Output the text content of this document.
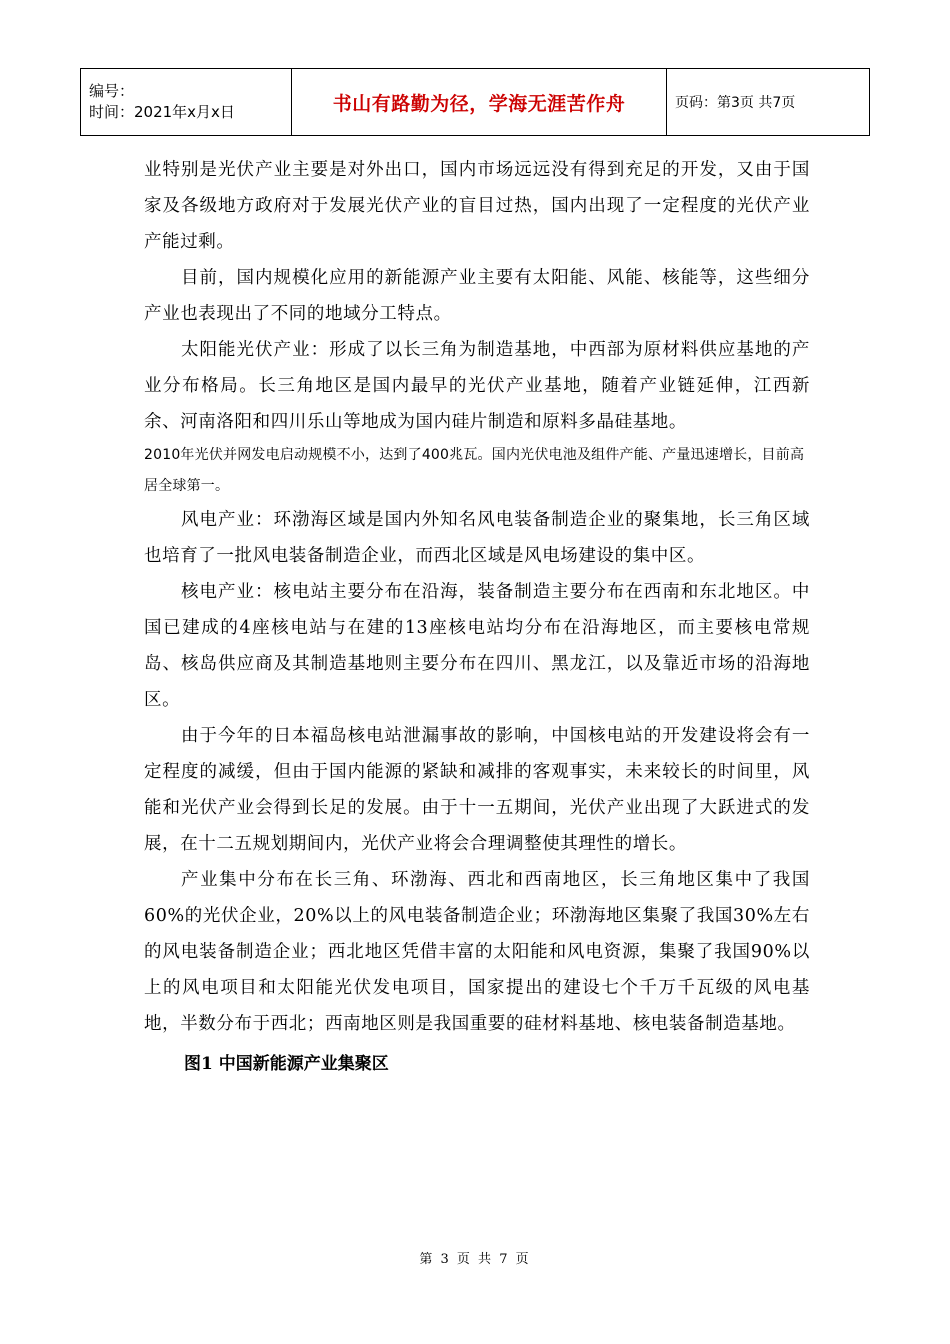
编号：
时间：2021年x月x日	书山有路勤为径，学海无涯苦作舟	页码：第3页 共7页

业特别是光伏产业主要是对外出口，国内市场远远没有得到充足的开发，又由于国家及各级地方政府对于发展光伏产业的盲目过热，国内出现了一定程度的光伏产业产能过剩。

目前，国内规模化应用的新能源产业主要有太阳能、风能、核能等，这些细分产业也表现出了不同的地域分工特点。

太阳能光伏产业：形成了以长三角为制造基地，中西部为原材料供应基地的产业分布格局。长三角地区是国内最早的光伏产业基地，随着产业链延伸，江西新余、河南洛阳和四川乐山等地成为国内硅片制造和原料多晶硅基地。

2010年光伏并网发电启动规模不小，达到了400兆瓦。国内光伏电池及组件产能、产量迅速增长，目前高居全球第一。

风电产业：环渤海区域是国内外知名风电装备制造企业的聚集地，长三角区域也培育了一批风电装备制造企业，而西北区域是风电场建设的集中区。

核电产业：核电站主要分布在沿海，装备制造主要分布在西南和东北地区。中国已建成的4座核电站与在建的13座核电站均分布在沿海地区，而主要核电常规岛、核岛供应商及其制造基地则主要分布在四川、黑龙江，以及靠近市场的沿海地区。

由于今年的日本福岛核电站泄漏事故的影响，中国核电站的开发建设将会有一定程度的减缓，但由于国内能源的紧缺和减排的客观事实，未来较长的时间里，风能和光伏产业会得到长足的发展。由于十一五期间，光伏产业出现了大跃进式的发展，在十二五规划期间内，光伏产业将会合理调整使其理性的增长。

产业集中分布在长三角、环渤海、西北和西南地区，长三角地区集中了我国60%的光伏企业，20%以上的风电装备制造企业；环渤海地区集聚了我国30%左右的风电装备制造企业；西北地区凭借丰富的太阳能和风电资源，集聚了我国90%以上的风电项目和太阳能光伏发电项目，国家提出的建设七个千万千瓦级的风电基地，半数分布于西北；西南地区则是我国重要的硅材料基地、核电装备制造基地。

图1 中国新能源产业集聚区

第 3 页 共 7 页
